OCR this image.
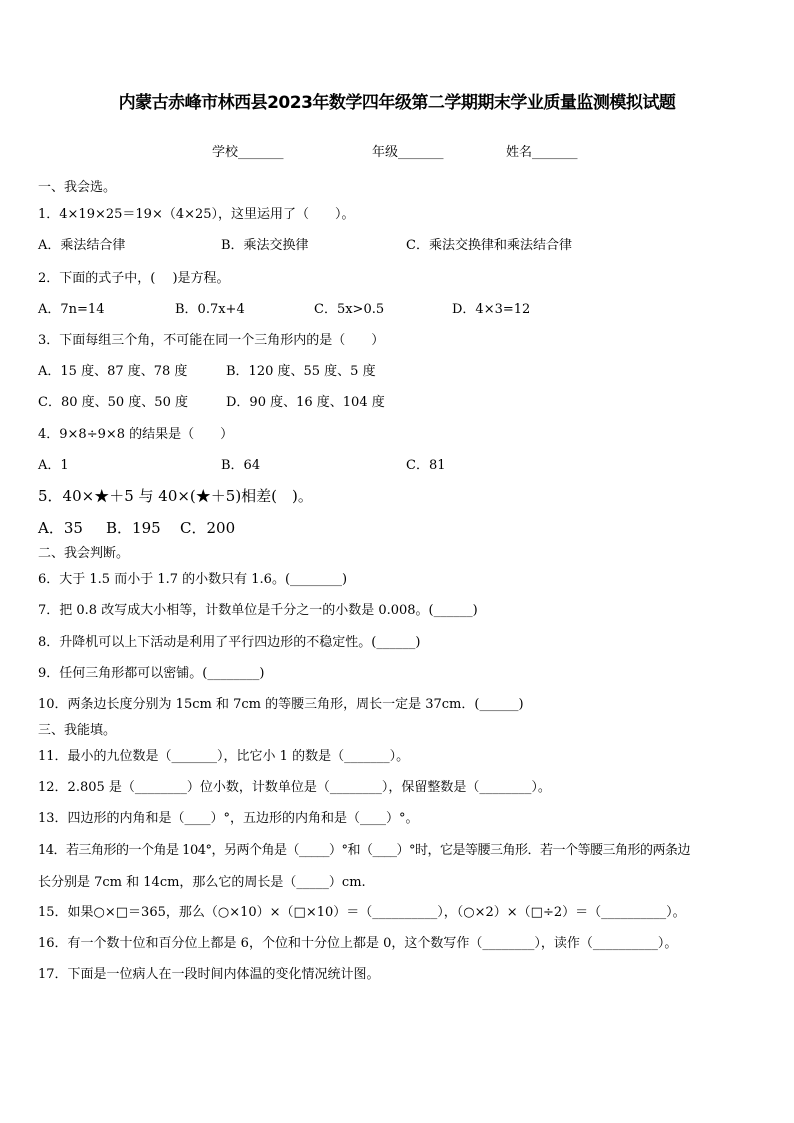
内蒙古赤峰市林西县2023年数学四年级第二学期期末学业质量监测模拟试题
学校_______	年级_______	姓名_______
一、我会选。
1．4×19×25＝19×（4×25），这里运用了（　　）。
A．乘法结合律	B．乘法交换律	C．乘法交换律和乘法结合律
2．下面的式子中，(　 )是方程。
A．7n=14	B．0.7x+4	C．5x>0.5	D．4×3=12
3．下面每组三个角，不可能在同一个三角形内的是（　　）
A．15 度、87 度、78 度	B．120 度、55 度、5 度
C．80 度、50 度、50 度	D．90 度、16 度、104 度
4．9×8÷9×8 的结果是（　　）
A．1	B．64	C．81
5．40×★＋5 与 40×(★＋5)相差(　)。
A．35 B．195 C．200
二、我会判断。
6．大于 1.5 而小于 1.7 的小数只有 1.6。(________)
7．把 0.8 改写成大小相等，计数单位是千分之一的小数是 0.008。(______)
8．升降机可以上下活动是利用了平行四边形的不稳定性。(______)
9．任何三角形都可以密铺。(________)
10．两条边长度分别为 15cm 和 7cm 的等腰三角形，周长一定是 37cm．(______)
三、我能填。
11．最小的九位数是（_______），比它小 1 的数是（_______）。
12．2.805 是（________）位小数，计数单位是（________），保留整数是（________）。
13．四边形的内角和是（____）°，五边形的内角和是（____）°。
14．若三角形的一个角是 104°，另两个角是（_____）°和（____）°时，它是等腰三角形．若一个等腰三角形的两条边
长分别是 7cm 和 14cm，那么它的周长是（_____）cm.
15．如果○×□＝365，那么（○×10）×（□×10）＝（__________），（○×2）×（□÷2）＝（__________）。
16．有一个数十位和百分位上都是 6，个位和十分位上都是 0，这个数写作（________），读作（__________）。
17．下面是一位病人在一段时间内体温的变化情况统计图。
